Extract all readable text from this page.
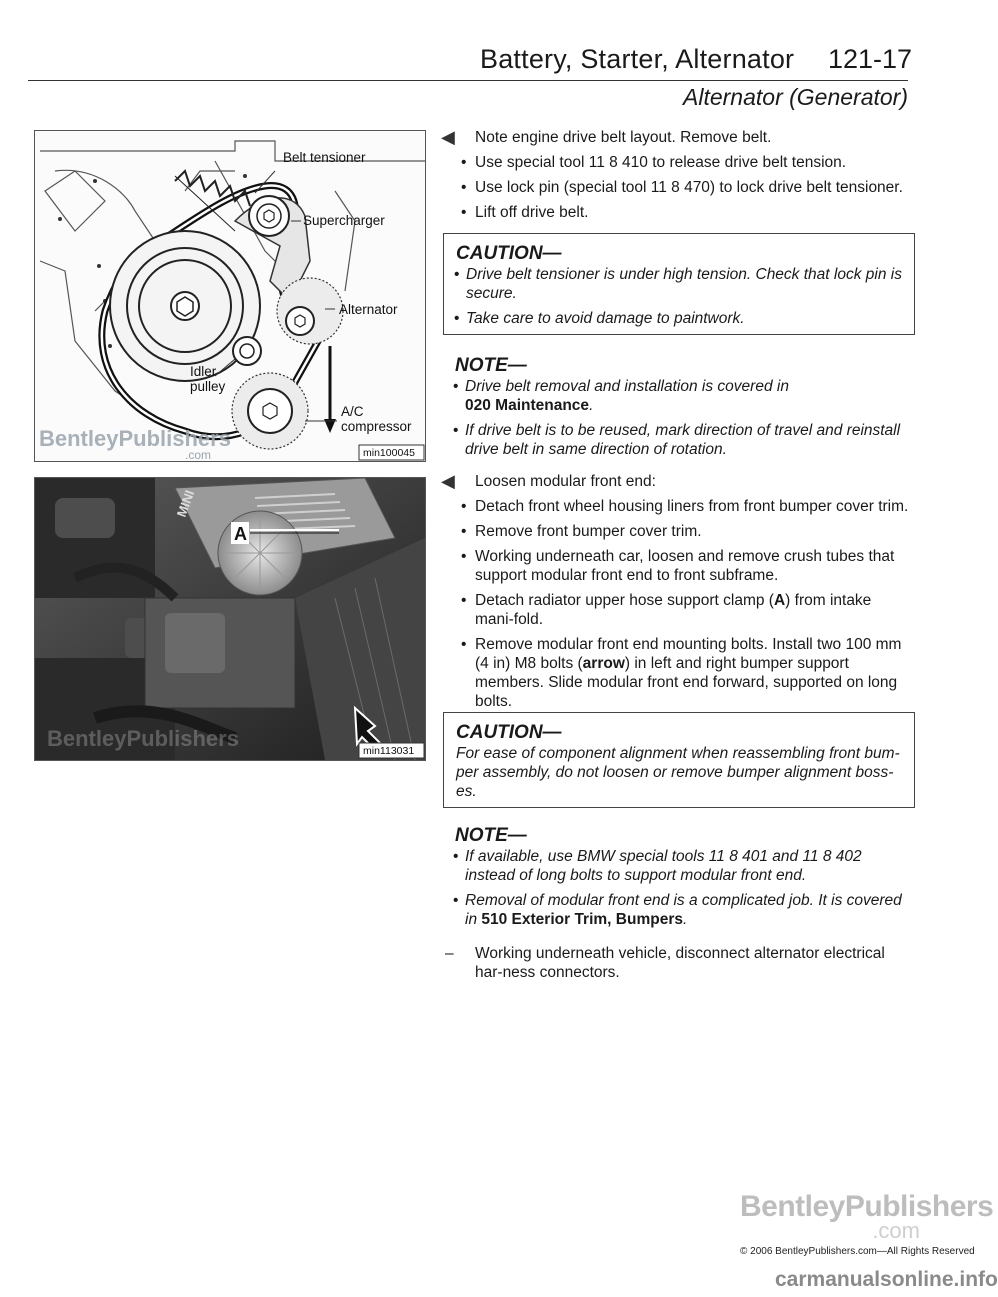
Battery, Starter, Alternator 121-17
Alternator (Generator)
Belt tensioner
Supercharger
Alternator
Idler
pulley
A/C
compressor
BentleyPublishers
.com	min100045
A
MINI
BentleyPublishers	min113031
◀	Note engine drive belt layout. Remove belt.
• Use special tool 11 8 410 to release drive belt tension.
• Use lock pin (special tool 11 8 470) to lock drive belt tensioner.
• Lift off drive belt.
CAUTION—
• Drive belt tensioner is under high tension. Check that lock pin is secure.
• Take care to avoid damage to paintwork.
NOTE—
• Drive belt removal and installation is covered in
020 Maintenance.
• If drive belt is to be reused, mark direction of travel and reinstall drive belt in same direction of rotation.
◀	Loosen modular front end:
• Detach front wheel housing liners from front bumper cover trim.
• Remove front bumper cover trim.
• Working underneath car, loosen and remove crush tubes that support modular front end to front subframe.
• Detach radiator upper hose support clamp (A) from intake mani-fold.
• Remove modular front end mounting bolts. Install two 100 mm (4 in) M8 bolts (arrow) in left and right bumper support members. Slide modular front end forward, supported on long bolts.
CAUTION—

For ease of component alignment when reassembling front bum-per assembly, do not loosen or remove bumper alignment boss-es.

NOTE—
• If available, use BMW special tools 11 8 401 and 11 8 402 instead of long bolts to support modular front end.
• Removal of modular front end is a complicated job. It is covered in 510 Exterior Trim, Bumpers.
–	Working underneath vehicle, disconnect alternator electrical har-ness connectors.
BentleyPublishers
.com
© 2006 BentleyPublishers.com—All Rights Reserved
carmanualsonline.info
